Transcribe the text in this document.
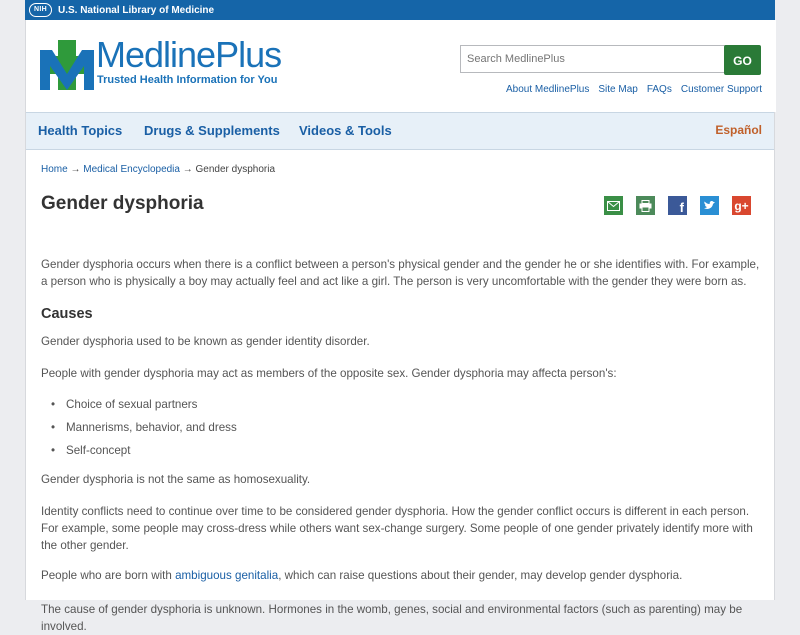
NIH	U.S. National Library of Medicine
MedlinePlus
Trusted Health Information for You
Search MedlinePlus
GO
About MedlinePlus Site Map FAQs Customer Support
Health Topics Drugs & Supplements Videos & Tools	Español
Home → Medical Encyclopedia → Gender dysphoria
Gender dysphoria	f	g+

Gender dysphoria occurs when there is a conflict between a person's physical gender and the gender he or she identifies with. For example, a person who is physically a boy may actually feel and act like a girl. The person is very uncomfortable with the gender they were born as.

Causes

Gender dysphoria used to be known as gender identity disorder.

People with gender dysphoria may act as members of the opposite sex. Gender dysphoria may affecta person's:

• Choice of sexual partners
• Mannerisms, behavior, and dress
• Self-concept

Gender dysphoria is not the same as homosexuality.

Identity conflicts need to continue over time to be considered gender dysphoria. How the gender conflict occurs is different in each person. For example, some people may cross-dress while others want sex-change surgery. Some people of one gender privately identify more with the other gender.

People who are born with ambiguous genitalia, which can raise questions about their gender, may develop gender dysphoria.

The cause of gender dysphoria is unknown. Hormones in the womb, genes, social and environmental factors (such as parenting) may be involved.
